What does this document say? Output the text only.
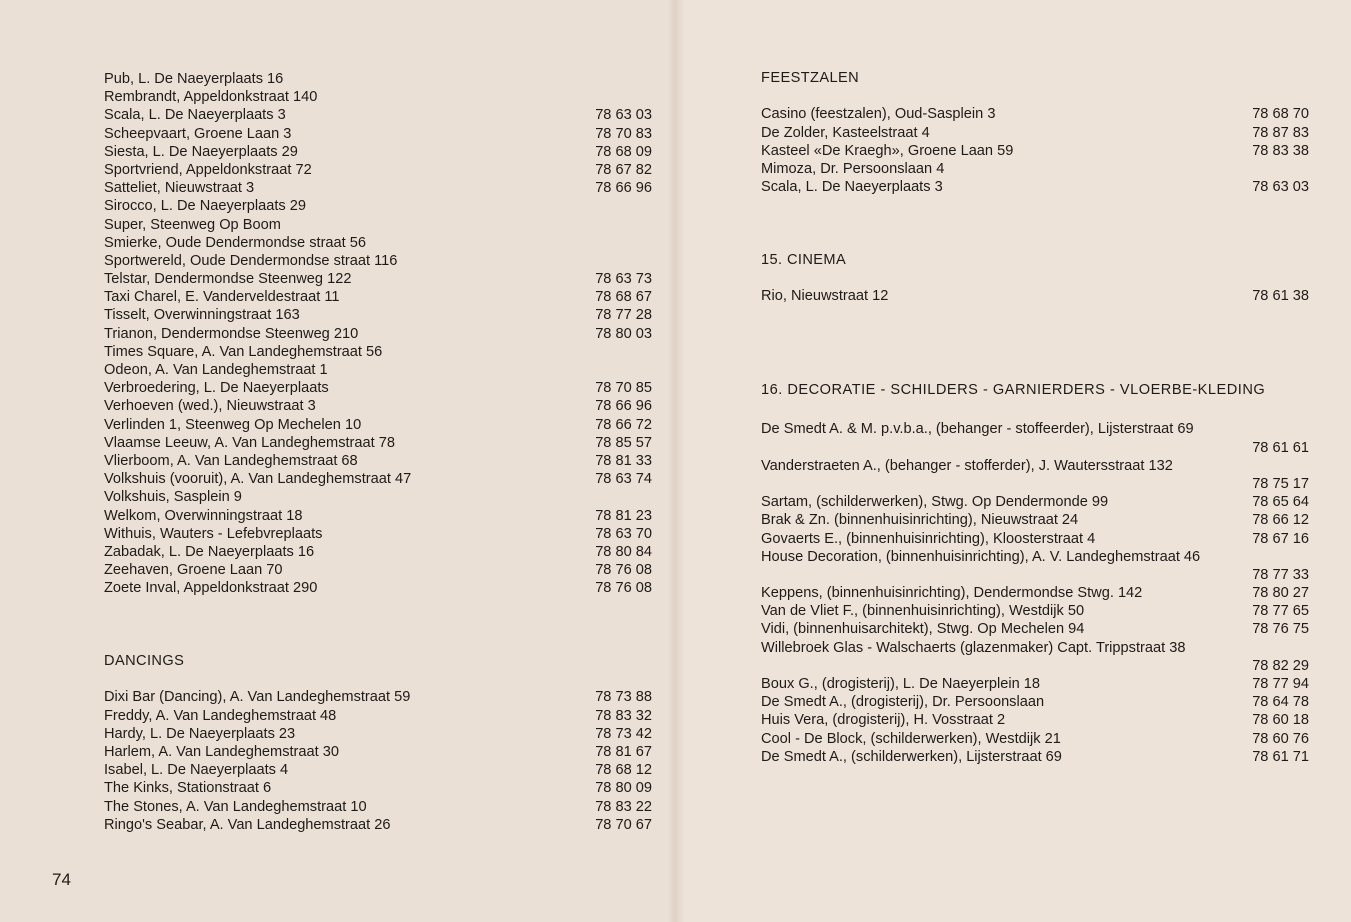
Pub, L. De Naeyerplaats 16
Rembrandt, Appeldonkstraat 140
Scala, L. De Naeyerplaats 3	78 63 03
Scheepvaart, Groene Laan 3	78 70 83
Siesta, L. De Naeyerplaats 29	78 68 09
Sportvriend, Appeldonkstraat 72	78 67 82
Satteliet, Nieuwstraat 3	78 66 96
Sirocco, L. De Naeyerplaats 29
Super, Steenweg Op Boom
Smierke, Oude Dendermondse straat 56
Sportwereld, Oude Dendermondse straat 116
Telstar, Dendermondse Steenweg 122	78 63 73
Taxi Charel, E. Vanderveldestraat 11	78 68 67
Tisselt, Overwinningstraat 163	78 77 28
Trianon, Dendermondse Steenweg 210	78 80 03
Times Square, A. Van Landeghemstraat 56
Odeon, A. Van Landeghemstraat 1
Verbroedering, L. De Naeyerplaats	78 70 85
Verhoeven (wed.), Nieuwstraat 3	78 66 96
Verlinden 1, Steenweg Op Mechelen 10	78 66 72
Vlaamse Leeuw, A. Van Landeghemstraat 78	78 85 57
Vlierboom, A. Van Landeghemstraat 68	78 81 33
Volkshuis (vooruit), A. Van Landeghemstraat 47	78 63 74
Volkshuis, Sasplein 9
Welkom, Overwinningstraat 18	78 81 23
Withuis, Wauters - Lefebvreplaats	78 63 70
Zabadak, L. De Naeyerplaats 16	78 80 84
Zeehaven, Groene Laan 70	78 76 08
Zoete Inval, Appeldonkstraat 290	78 76 08
DANCINGS
Dixi Bar (Dancing), A. Van Landeghemstraat 59	78 73 88
Freddy, A. Van Landeghemstraat 48	78 83 32
Hardy, L. De Naeyerplaats 23	78 73 42
Harlem, A. Van Landeghemstraat 30	78 81 67
Isabel, L. De Naeyerplaats 4	78 68 12
The Kinks, Stationstraat 6	78 80 09
The Stones, A. Van Landeghemstraat 10	78 83 22
Ringo's Seabar, A. Van Landeghemstraat 26	78 70 67
FEESTZALEN
Casino (feestzalen), Oud-Sasplein 3	78 68 70
De Zolder, Kasteelstraat 4	78 87 83
Kasteel «De Kraegh», Groene Laan 59	78 83 38
Mimoza, Dr. Persoonslaan 4
Scala, L. De Naeyerplaats 3	78 63 03
15. CINEMA
Rio, Nieuwstraat 12	78 61 38
16. DECORATIE - SCHILDERS - GARNIERDERS - VLOERBE-KLEDING
De Smedt A. & M. p.v.b.a., (behanger - stoffeerder), Lijsterstraat 69
78 61 61
Vanderstraeten A., (behanger - stofferder), J. Wautersstraat 132
78 75 17
Sartam, (schilderwerken), Stwg. Op Dendermonde 99	78 65 64
Brak & Zn. (binnenhuisinrichting), Nieuwstraat 24	78 66 12
Govaerts E., (binnenhuisinrichting), Kloosterstraat 4	78 67 16
House Decoration, (binnenhuisinrichting), A. V. Landeghemstraat 46
78 77 33
Keppens, (binnenhuisinrichting), Dendermondse Stwg. 142	78 80 27
Van de Vliet F., (binnenhuisinrichting), Westdijk 50	78 77 65
Vidi, (binnenhuisarchitekt), Stwg. Op Mechelen 94	78 76 75
Willebroek Glas - Walschaerts (glazenmaker) Capt. Trippstraat 38
78 82 29
Boux G., (drogisterij), L. De Naeyerplein 18	78 77 94
De Smedt A., (drogisterij), Dr. Persoonslaan	78 64 78
Huis Vera, (drogisterij), H. Vosstraat 2	78 60 18
Cool - De Block, (schilderwerken), Westdijk 21	78 60 76
De Smedt A., (schilderwerken), Lijsterstraat 69	78 61 71
74
